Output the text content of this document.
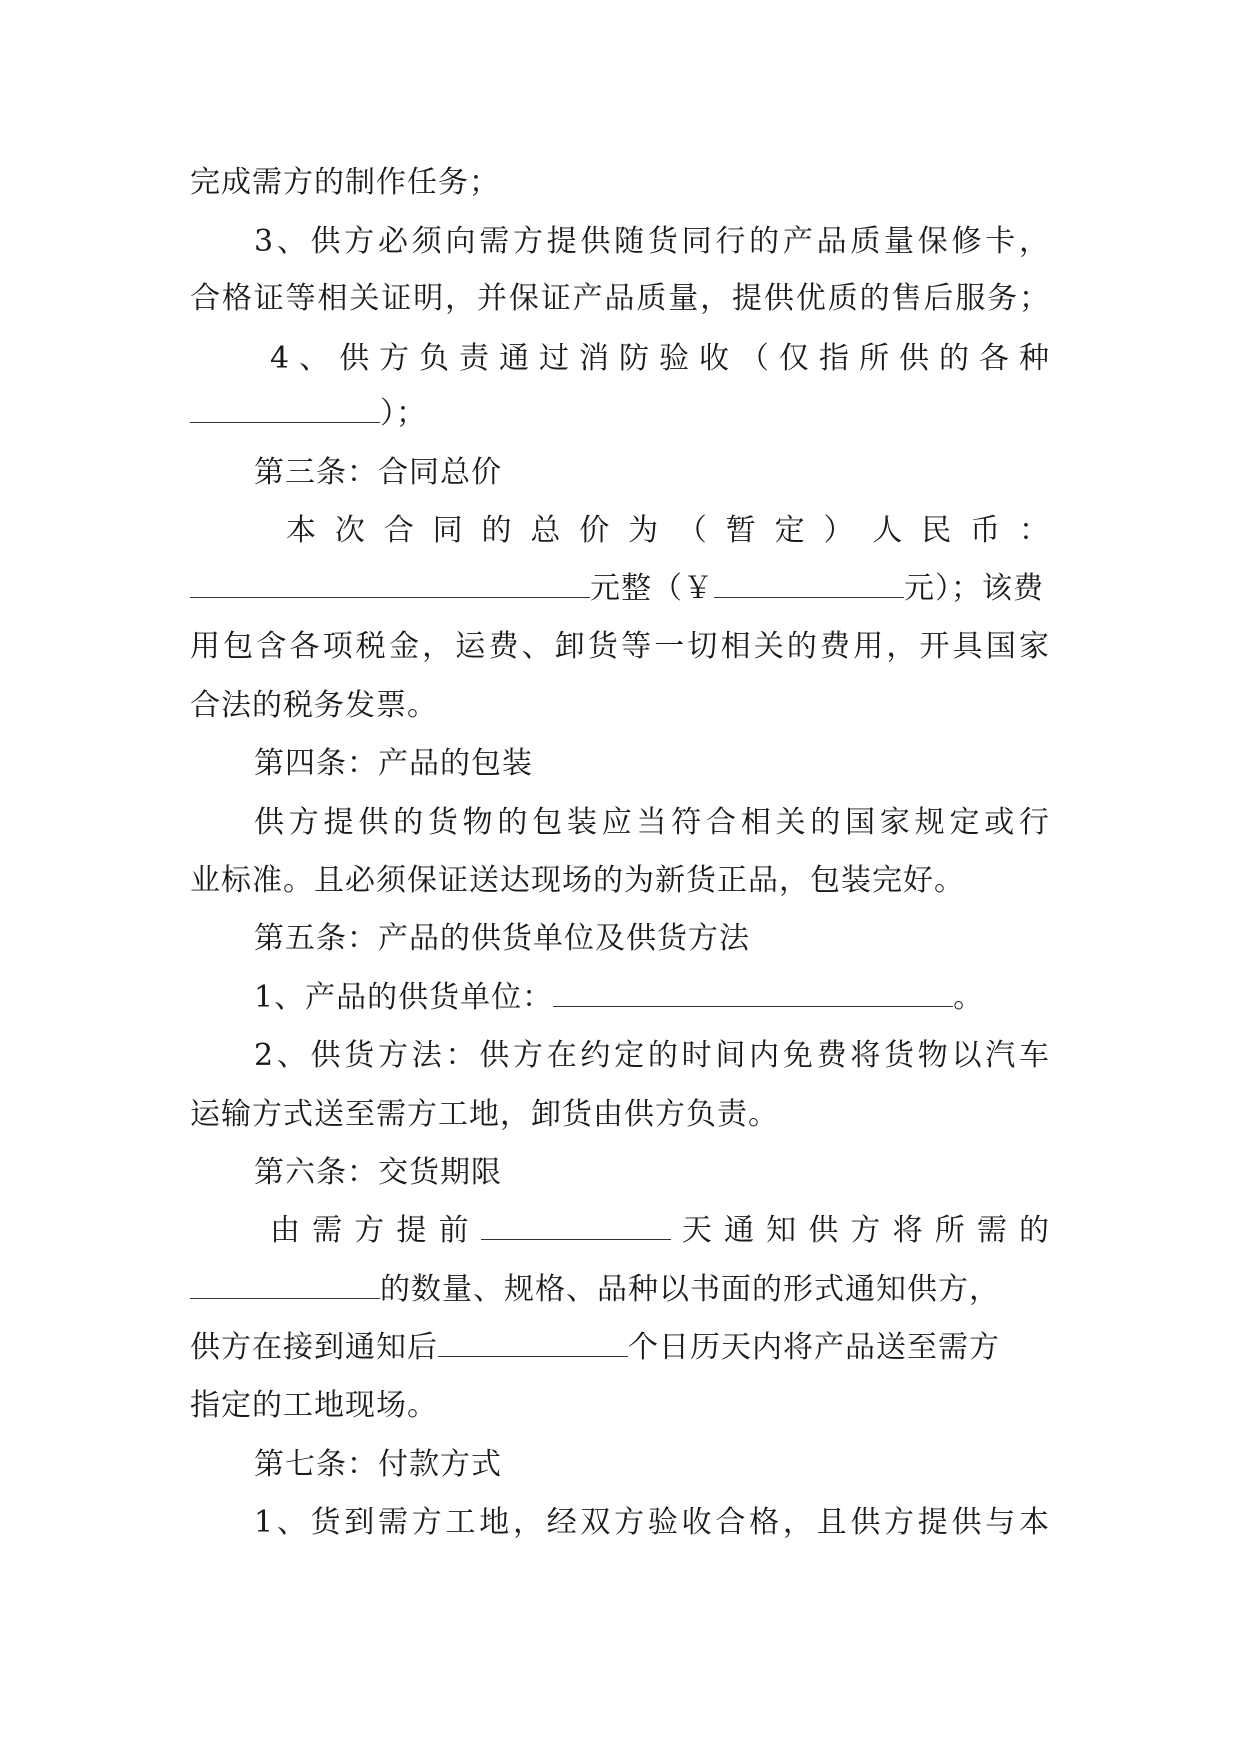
完成需方的制作任务；
3、供方必须向需方提供随货同行的产品质量保修卡，
合格证等相关证明，并保证产品质量，提供优质的售后服务；
4、供方负责通过消防验收（仅指所供的各种
）；
第三条：合同总价
本次合同的总价为（暂定）人民币：
元整（￥	元）；该费
用包含各项税金，运费、卸货等一切相关的费用，开具国家
合法的税务发票。
第四条：产品的包装
供方提供的货物的包装应当符合相关的国家规定或行
业标准。且必须保证送达现场的为新货正品，包装完好。
第五条：产品的供货单位及供货方法
1、产品的供货单位：	。
2、供货方法：供方在约定的时间内免费将货物以汽车
运输方式送至需方工地，卸货由供方负责。
第六条：交货期限
由需方提前	天通知供方将所需的
的数量、规格、品种以书面的形式通知供方，
供方在接到通知后	个日历天内将产品送至需方
指定的工地现场。
第七条：付款方式
1、货到需方工地，经双方验收合格，且供方提供与本
